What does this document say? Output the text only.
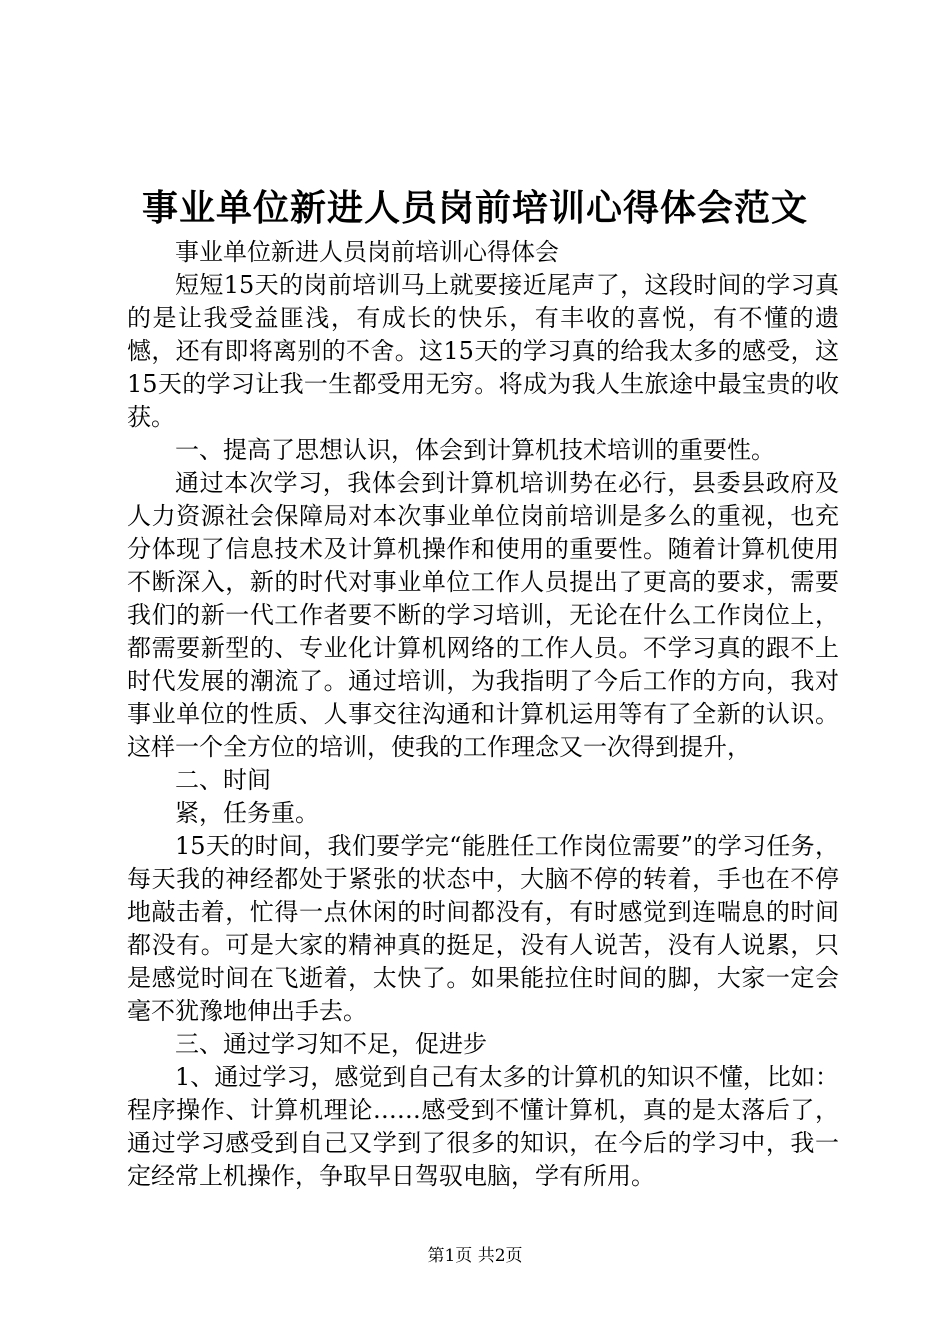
事业单位新进人员岗前培训心得体会范文

事业单位新进人员岗前培训心得体会

短短15天的岗前培训马上就要接近尾声了，这段时间的学习真的是让我受益匪浅，有成长的快乐，有丰收的喜悦，有不懂的遗憾，还有即将离别的不舍。这15天的学习真的给我太多的感受，这15天的学习让我一生都受用无穷。将成为我人生旅途中最宝贵的收获。

一、提高了思想认识，体会到计算机技术培训的重要性。

通过本次学习，我体会到计算机培训势在必行，县委县政府及人力资源社会保障局对本次事业单位岗前培训是多么的重视，也充分体现了信息技术及计算机操作和使用的重要性。随着计算机使用不断深入，新的时代对事业单位工作人员提出了更高的要求，需要我们的新一代工作者要不断的学习培训，无论在什么工作岗位上，都需要新型的、专业化计算机网络的工作人员。不学习真的跟不上时代发展的潮流了。通过培训，为我指明了今后工作的方向，我对事业单位的性质、人事交往沟通和计算机运用等有了全新的认识。这样一个全方位的培训，使我的工作理念又一次得到提升，

二、时间

紧，任务重。

15天的时间，我们要学完“能胜任工作岗位需要”的学习任务，每天我的神经都处于紧张的状态中，大脑不停的转着，手也在不停地敲击着，忙得一点休闲的时间都没有，有时感觉到连喘息的时间都没有。可是大家的精神真的挺足，没有人说苦，没有人说累，只是感觉时间在飞逝着，太快了。如果能拉住时间的脚，大家一定会毫不犹豫地伸出手去。

三、通过学习知不足，促进步

1、通过学习，感觉到自己有太多的计算机的知识不懂，比如：程序操作、计算机理论……感受到不懂计算机，真的是太落后了，通过学习感受到自己又学到了很多的知识，在今后的学习中，我一定经常上机操作，争取早日驾驭电脑，学有所用。

第1页 共2页
